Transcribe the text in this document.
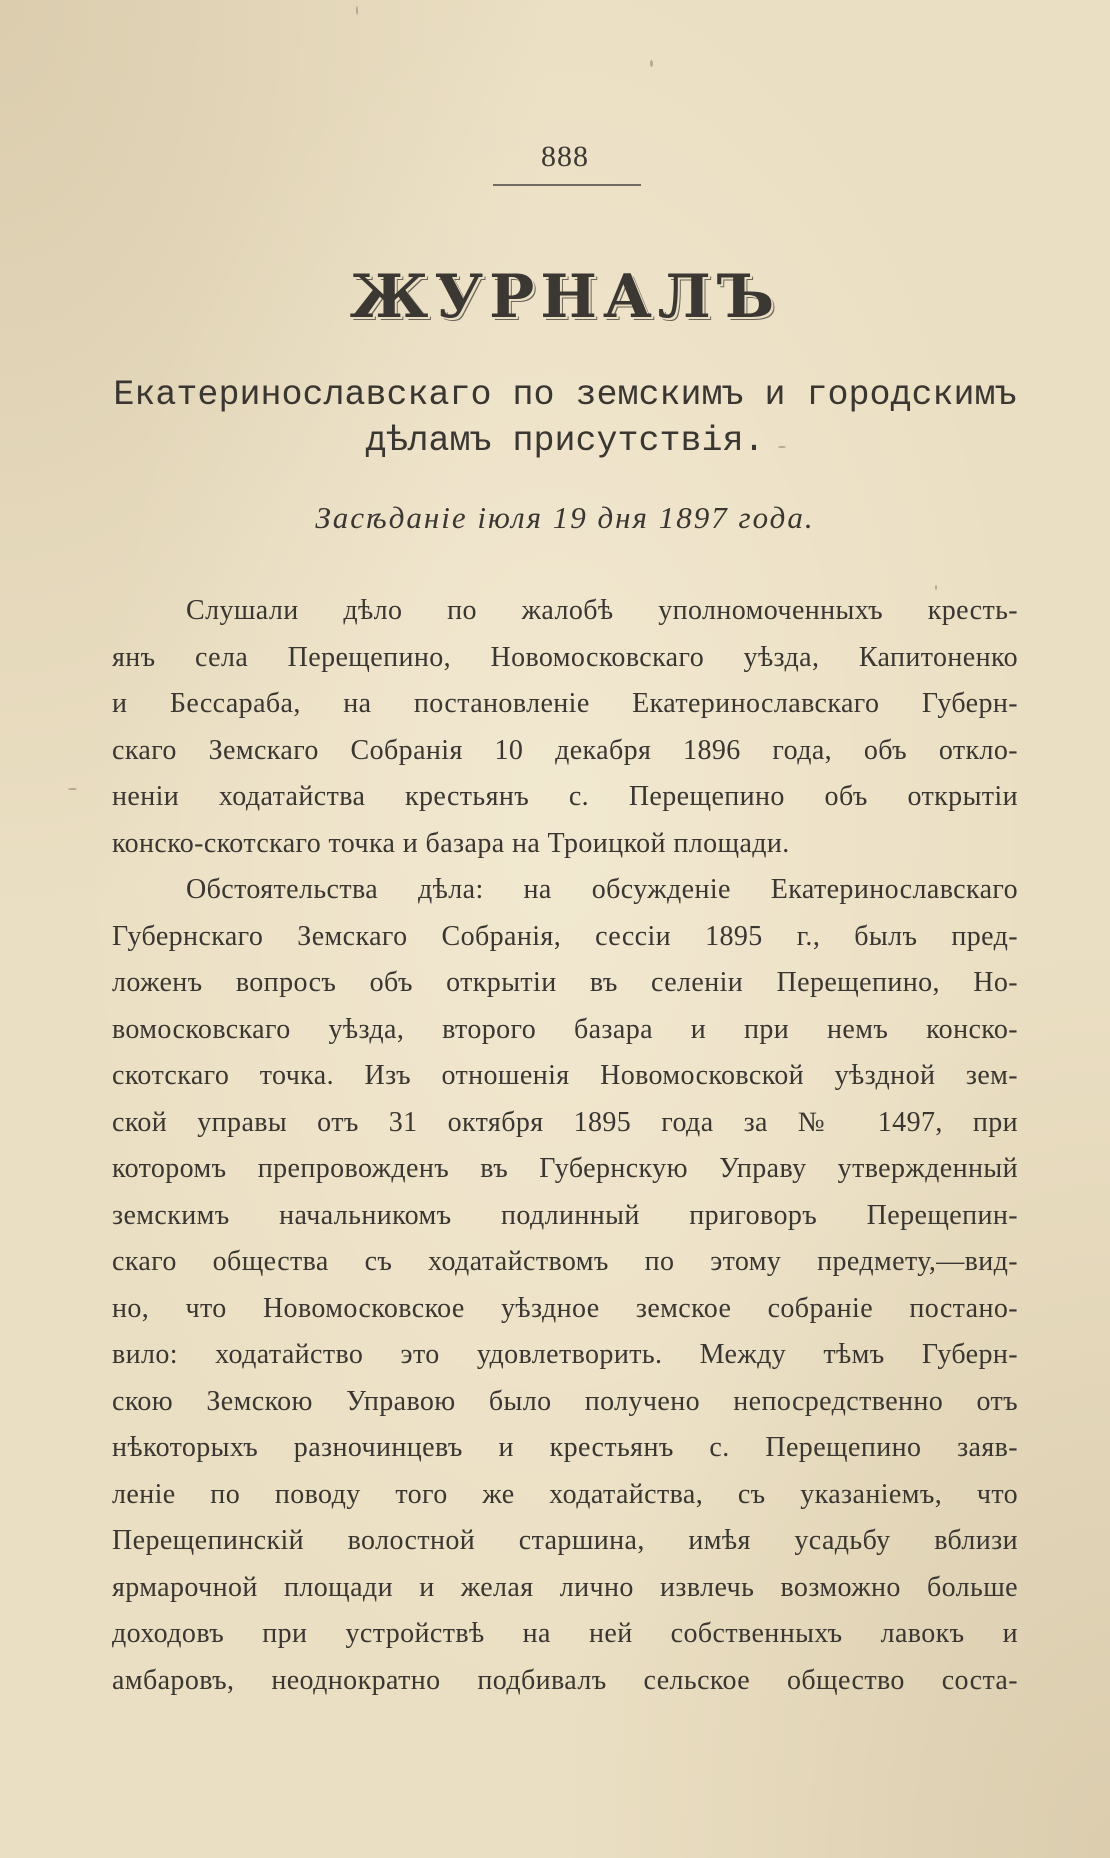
888
ЖУРНАЛЪ
Екатеринославскаго по земскимъ и городскимъ
дѣламъ присутствія.
Засѣданіе іюля 19 дня 1897 года.
Слушали дѣло по жалобѣ уполномоченныхъ кресть-
янъ села Перещепино, Новомосковскаго уѣзда, Капитоненко
и Бессараба, на постановленіе Екатеринославскаго Губерн-
скаго Земскаго Собранія 10 декабря 1896 года, объ откло-
неніи ходатайства крестьянъ с. Перещепино объ открытіи
конско-скотскаго точка и базара на Троицкой площади.
Обстоятельства дѣла: на обсужденіе Екатеринославскаго
Губернскаго Земскаго Собранія, сессіи 1895 г., былъ пред-
ложенъ вопросъ объ открытіи въ селеніи Перещепино, Но-
вомосковскаго уѣзда, второго базара и при немъ конско-
скотскаго точка. Изъ отношенія Новомосковской уѣздной зем-
ской управы отъ 31 октября 1895 года за № 1497, при
которомъ препровожденъ въ Губернскую Управу утвержденный
земскимъ начальникомъ подлинный приговоръ Перещепин-
скаго общества съ ходатайствомъ по этому предмету,—вид-
но, что Новомосковское уѣздное земское собраніе постано-
вило: ходатайство это удовлетворить. Между тѣмъ Губерн-
скою Земскою Управою было получено непосредственно отъ
нѣкоторыхъ разночинцевъ и крестьянъ с. Перещепино заяв-
леніе по поводу того же ходатайства, съ указаніемъ, что
Перещепинскій волостной старшина, имѣя усадьбу вблизи
ярмарочной площади и желая лично извлечь возможно больше
доходовъ при устройствѣ на ней собственныхъ лавокъ и
амбаровъ, неоднократно подбивалъ сельское общество соста-
